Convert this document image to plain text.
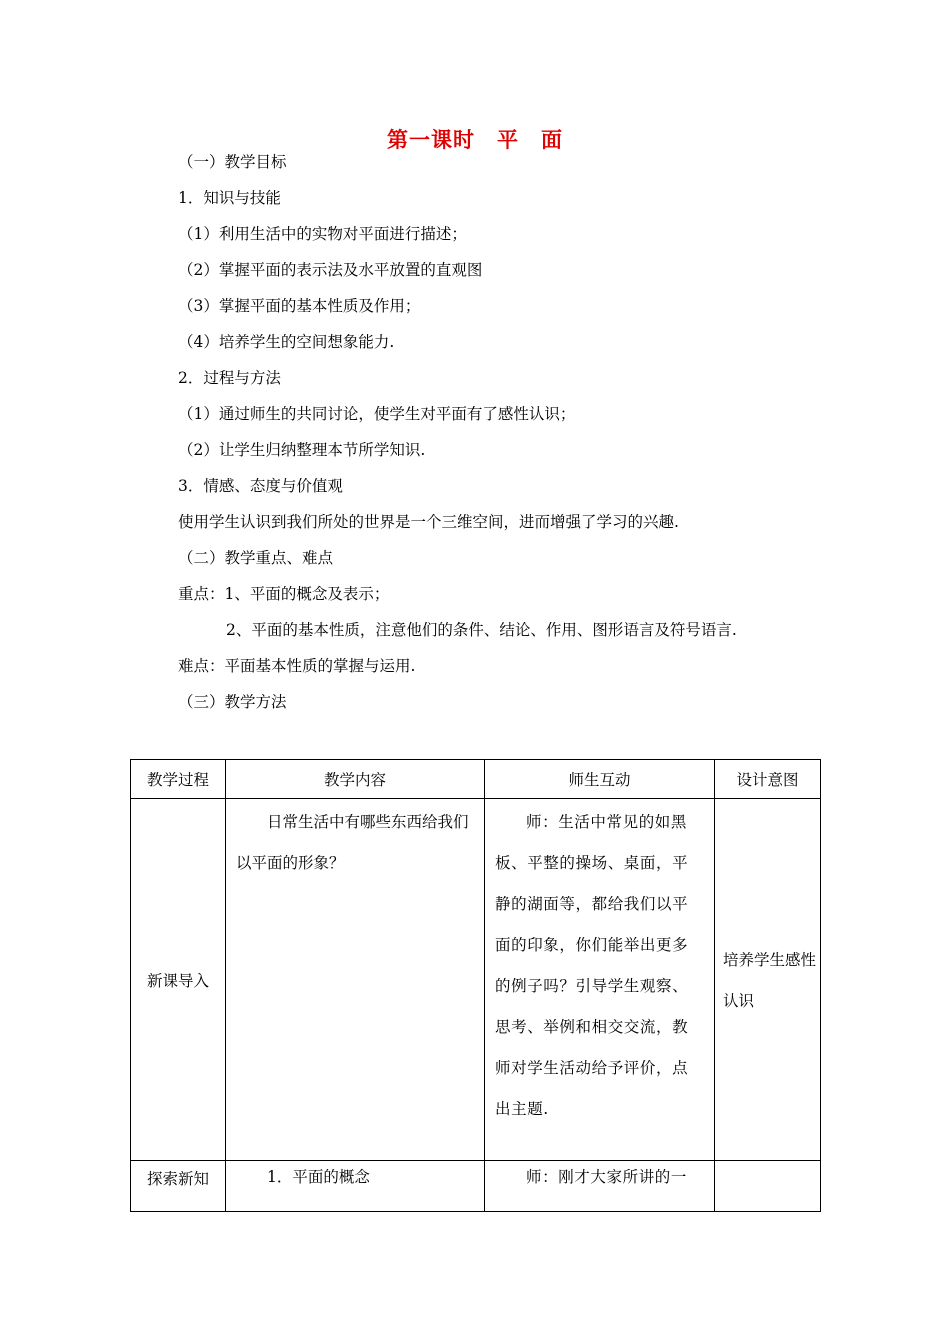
第一课时　平　面
（一）教学目标
1．知识与技能
（1）利用生活中的实物对平面进行描述；
（2）掌握平面的表示法及水平放置的直观图
（3）掌握平面的基本性质及作用；
（4）培养学生的空间想象能力.
2．过程与方法
（1）通过师生的共同讨论，使学生对平面有了感性认识；
（2）让学生归纳整理本节所学知识.
3．情感、态度与价值观
使用学生认识到我们所处的世界是一个三维空间，进而增强了学习的兴趣.
（二）教学重点、难点
重点：1、平面的概念及表示；
2、平面的基本性质，注意他们的条件、结论、作用、图形语言及符号语言.
难点：平面基本性质的掌握与运用.
（三）教学方法
教学过程	教学内容	师生互动	设计意图
新课导入	日常生活中有哪些东西给我们以平面的形象？	师：生活中常见的如黑板、平整的操场、桌面，平静的湖面等，都给我们以平面的印象，你们能举出更多的例子吗？引导学生观察、思考、举例和相交交流，教师对学生活动给予评价，点出主题.	培养学生感性认识

探索新知	1．平面的概念	师：刚才大家所讲的一	
